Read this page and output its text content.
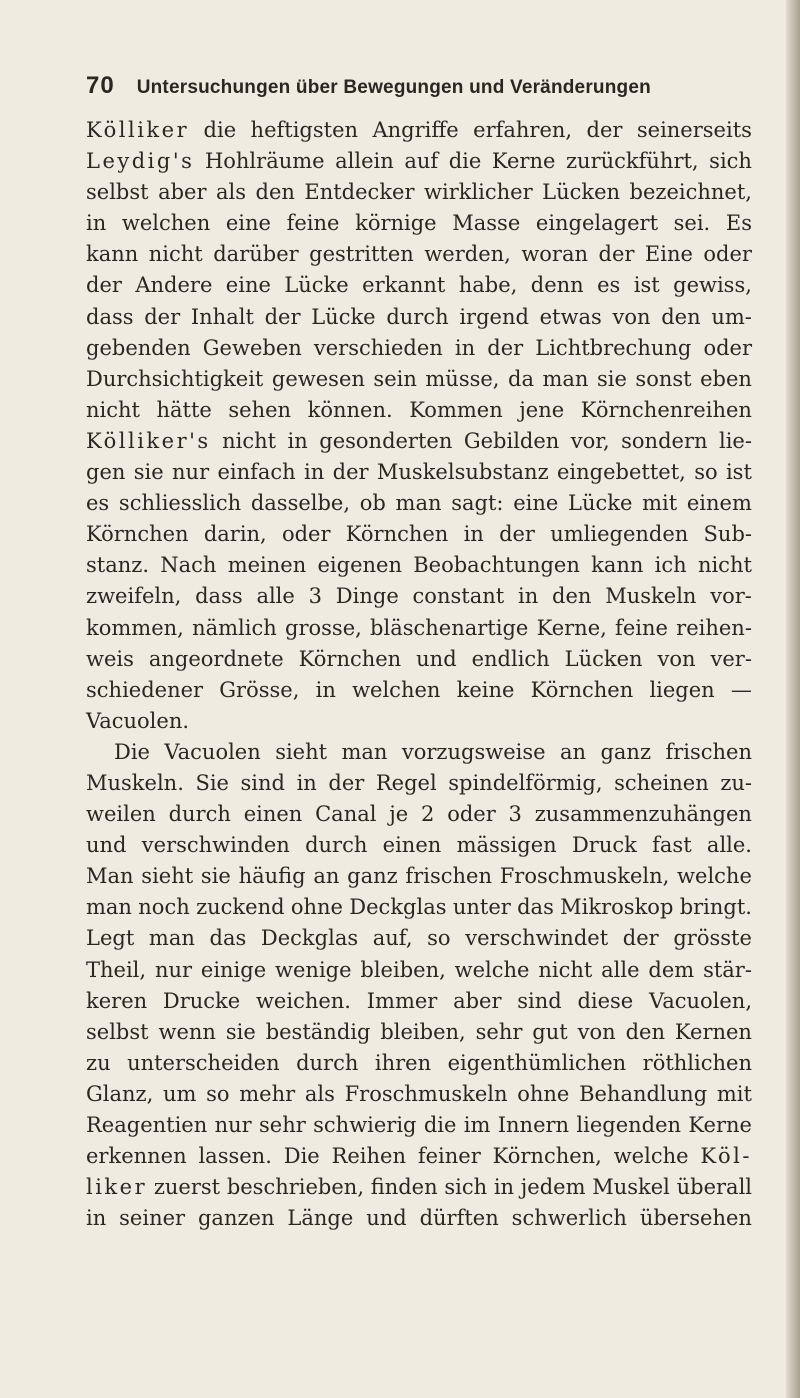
70 Untersuchungen über Bewegungen und Veränderungen
Kölliker die heftigsten Angriffe erfahren, der seinerseits
Leydig's Hohlräume allein auf die Kerne zurückführt, sich
selbst aber als den Entdecker wirklicher Lücken bezeichnet,
in welchen eine feine körnige Masse eingelagert sei. Es
kann nicht darüber gestritten werden, woran der Eine oder
der Andere eine Lücke erkannt habe, denn es ist gewiss,
dass der Inhalt der Lücke durch irgend etwas von den um-
gebenden Geweben verschieden in der Lichtbrechung oder
Durchsichtigkeit gewesen sein müsse, da man sie sonst eben
nicht hätte sehen können. Kommen jene Körnchenreihen
Kölliker's nicht in gesonderten Gebilden vor, sondern lie-
gen sie nur einfach in der Muskelsubstanz eingebettet, so ist
es schliesslich dasselbe, ob man sagt: eine Lücke mit einem
Körnchen darin, oder Körnchen in der umliegenden Sub-
stanz. Nach meinen eigenen Beobachtungen kann ich nicht
zweifeln, dass alle 3 Dinge constant in den Muskeln vor-
kommen, nämlich grosse, bläschenartige Kerne, feine reihen-
weis angeordnete Körnchen und endlich Lücken von ver-
schiedener Grösse, in welchen keine Körnchen liegen —
Vacuolen.
Die Vacuolen sieht man vorzugsweise an ganz frischen
Muskeln. Sie sind in der Regel spindelförmig, scheinen zu-
weilen durch einen Canal je 2 oder 3 zusammenzuhängen
und verschwinden durch einen mässigen Druck fast alle.
Man sieht sie häufig an ganz frischen Froschmuskeln, welche
man noch zuckend ohne Deckglas unter das Mikroskop bringt.
Legt man das Deckglas auf, so verschwindet der grösste
Theil, nur einige wenige bleiben, welche nicht alle dem stär-
keren Drucke weichen. Immer aber sind diese Vacuolen,
selbst wenn sie beständig bleiben, sehr gut von den Kernen
zu unterscheiden durch ihren eigenthümlichen röthlichen
Glanz, um so mehr als Froschmuskeln ohne Behandlung mit
Reagentien nur sehr schwierig die im Innern liegenden Kerne
erkennen lassen. Die Reihen feiner Körnchen, welche Köl-
liker zuerst beschrieben, finden sich in jedem Muskel überall
in seiner ganzen Länge und dürften schwerlich übersehen
